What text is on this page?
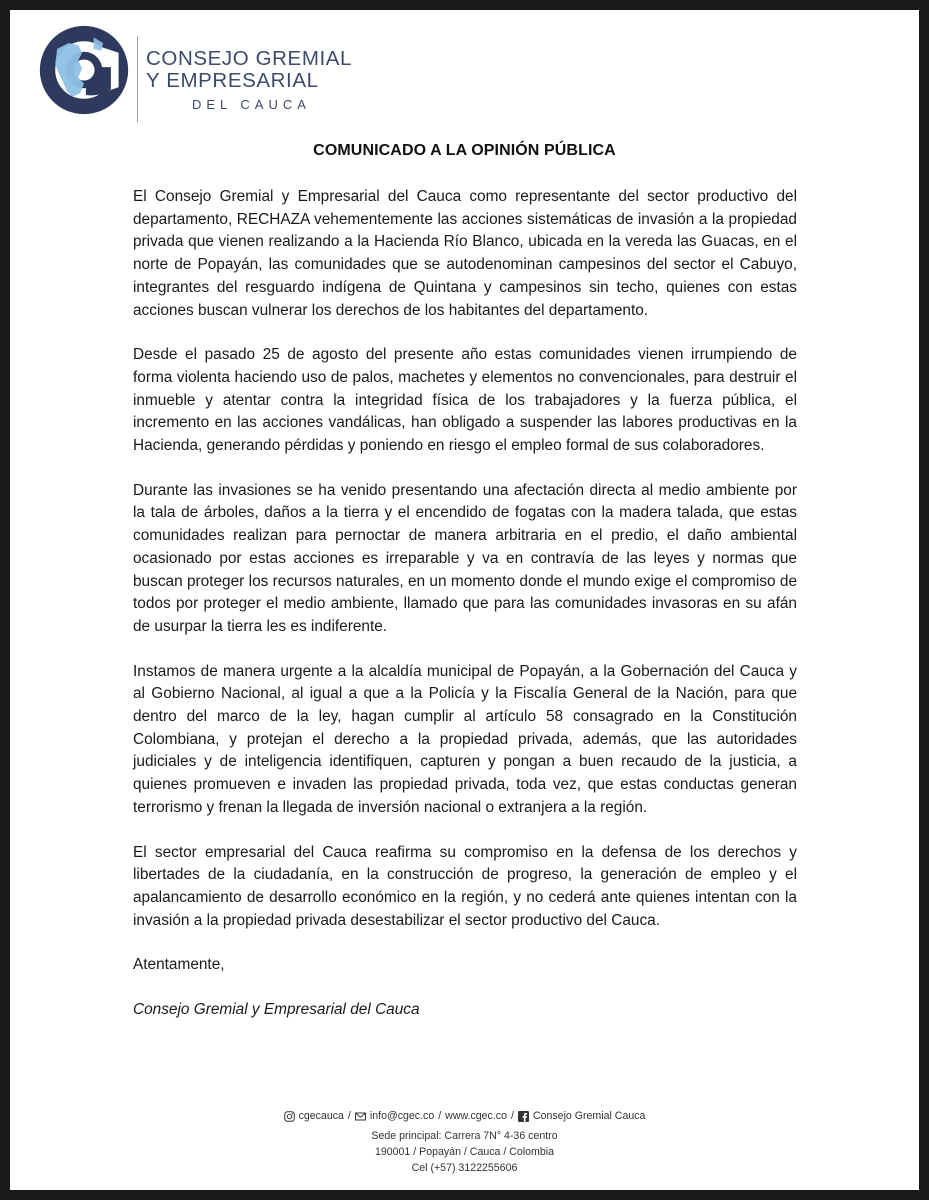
CONSEJO GREMIAL
Y EMPRESARIAL
DEL CAUCA
COMUNICADO A LA OPINIÓN PÚBLICA

El Consejo Gremial y Empresarial del Cauca como representante del sector productivo del departamento, RECHAZA vehementemente las acciones sistemáticas de invasión a la propiedad privada que vienen realizando a la Hacienda Río Blanco, ubicada en la vereda las Guacas, en el norte de Popayán, las comunidades que se autodenominan campesinos del sector el Cabuyo, integrantes del resguardo indígena de Quintana y campesinos sin techo, quienes con estas acciones buscan vulnerar los derechos de los habitantes del departamento.

Desde el pasado 25 de agosto del presente año estas comunidades vienen irrumpiendo de forma violenta haciendo uso de palos, machetes y elementos no convencionales, para destruir el inmueble y atentar contra la integridad física de los trabajadores y la fuerza pública, el incremento en las acciones vandálicas, han obligado a suspender las labores productivas en la Hacienda, generando pérdidas y poniendo en riesgo el empleo formal de sus colaboradores.

Durante las invasiones se ha venido presentando una afectación directa al medio ambiente por la tala de árboles, daños a la tierra y el encendido de fogatas con la madera talada, que estas comunidades realizan para pernoctar de manera arbitraria en el predio, el daño ambiental ocasionado por estas acciones es irreparable y va en contravía de las leyes y normas que buscan proteger los recursos naturales, en un momento donde el mundo exige el compromiso de todos por proteger el medio ambiente, llamado que para las comunidades invasoras en su afán de usurpar la tierra les es indiferente.

Instamos de manera urgente a la alcaldía municipal de Popayán, a la Gobernación del Cauca y al Gobierno Nacional, al igual a que a la Policía y la Fiscalía General de la Nación, para que dentro del marco de la ley, hagan cumplir al artículo 58 consagrado en la Constitución Colombiana, y protejan el derecho a la propiedad privada, además, que las autoridades judiciales y de inteligencia identifiquen, capturen y pongan a buen recaudo de la justicia, a quienes promueven e invaden las propiedad privada, toda vez, que estas conductas generan terrorismo y frenan la llegada de inversión nacional o extranjera a la región.

El sector empresarial del Cauca reafirma su compromiso en la defensa de los derechos y libertades de la ciudadanía, en la construcción de progreso, la generación de empleo y el apalancamiento de desarrollo económico en la región, y no cederá ante quienes intentan con la invasión a la propiedad privada desestabilizar el sector productivo del Cauca.

Atentamente,

Consejo Gremial y Empresarial del Cauca

cgecauca / info@cgec.co / www.cgec.co / Consejo Gremial Cauca
Sede principal: Carrera 7N° 4-36 centro
190001 / Popayán / Cauca / Colombia
Cel (+57) 3122255606
